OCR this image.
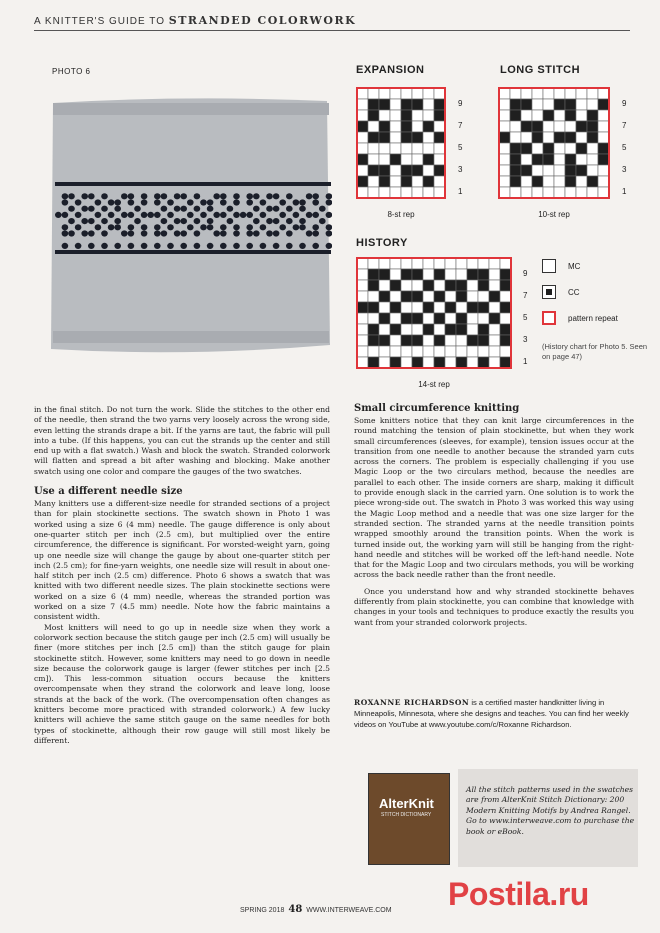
A KNITTER'S GUIDE TO STRANDED COLORWORK
PHOTO 6	EXPANSION
9
7
5
3
1
8-st rep
LONG STITCH
9
7
5
3
1
10-st rep
HISTORY
9
7
5
3
1
14-st rep
MC
CC
pattern repeat
(History chart for Photo 5. Seen on page 47)

in the final stitch. Do not turn the work. Slide the stitches to the other end of the needle, then strand the two yarns very loosely across the wrong side, even letting the strands drape a bit. If the yarns are taut, the fabric will pull into a tube. (If this happens, you can cut the strands up the center and still end up with a flat swatch.) Wash and block the swatch. Stranded colorwork will flatten and spread a bit after washing and blocking. Make another swatch using one color and compare the gauges of the two swatches.

Use a different needle size

Many knitters use a different-size needle for stranded sections of a project than for plain stockinette sections. The swatch shown in Photo 1 was worked using a size 6 (4 mm) needle. The gauge difference is only about one-quarter stitch per inch (2.5 cm), but multiplied over the entire circumference, the difference is significant. For worsted-weight yarn, going up one needle size will change the gauge by about one-quarter stitch per inch (2.5 cm); for fine-yarn weights, one needle size will result in about one-half stitch per inch (2.5 cm) difference. Photo 6 shows a swatch that was knitted with two different needle sizes. The plain stockinette sections were worked on a size 6 (4 mm) needle, whereas the stranded portion was worked on a size 7 (4.5 mm) needle. Note how the fabric maintains a consistent width.

Most knitters will need to go up in needle size when they work a colorwork section because the stitch gauge per inch (2.5 cm) will usually be finer (more stitches per inch [2.5 cm]) than the stitch gauge for plain stockinette stitch. However, some knitters may need to go down in needle size because the colorwork gauge is larger (fewer stitches per inch [2.5 cm]). This less-common situation occurs because the knitters overcompensate when they strand the colorwork and leave long, loose strands at the back of the work. (The overcompensation often changes as knitters become more practiced with stranded colorwork.) A few lucky knitters will achieve the same stitch gauge on the same needles for both types of stockinette, although their row gauge will still most likely be different.

Small circumference knitting

Some knitters notice that they can knit large circumferences in the round matching the tension of plain stockinette, but when they work small circumferences (sleeves, for example), tension issues occur at the transition from one needle to another because the stranded yarn cuts across the corners. The problem is especially challenging if you use Magic Loop or the two circulars method, because the needles are parallel to each other. The inside corners are sharp, making it difficult to provide enough slack in the carried yarn. One solution is to work the piece wrong-side out. The swatch in Photo 3 was worked this way using the Magic Loop method and a needle that was one size larger for the stranded section. The stranded yarns at the needle transition points wrapped smoothly around the transition points. When the work is turned inside out, the working yarn will still be hanging from the right-hand needle and stitches will be worked off the left-hand needle. Note that for the Magic Loop and two circulars methods, you will be working across the back needle rather than the front needle.

Once you understand how and why stranded stockinette behaves differently from plain stockinette, you can combine that knowledge with changes in your tools and techniques to produce exactly the results you want from your stranded colorwork projects.

ROXANNE RICHARDSON is a certified master handknitter living in Minneapolis, Minnesota, where she designs and teaches. You can find her weekly videos on YouTube at www.youtube.com/c/Roxanne Richardson.
AlterKnit
STITCH DICTIONARY
All the stitch patterns used in the swatches are from AlterKnit Stitch Dictionary: 200 Modern Knitting Motifs by Andrea Rangel. Go to www.interweave.com to purchase the book or eBook.
SPRING 2018 48 WWW.INTERWEAVE.COM Postila.ru
